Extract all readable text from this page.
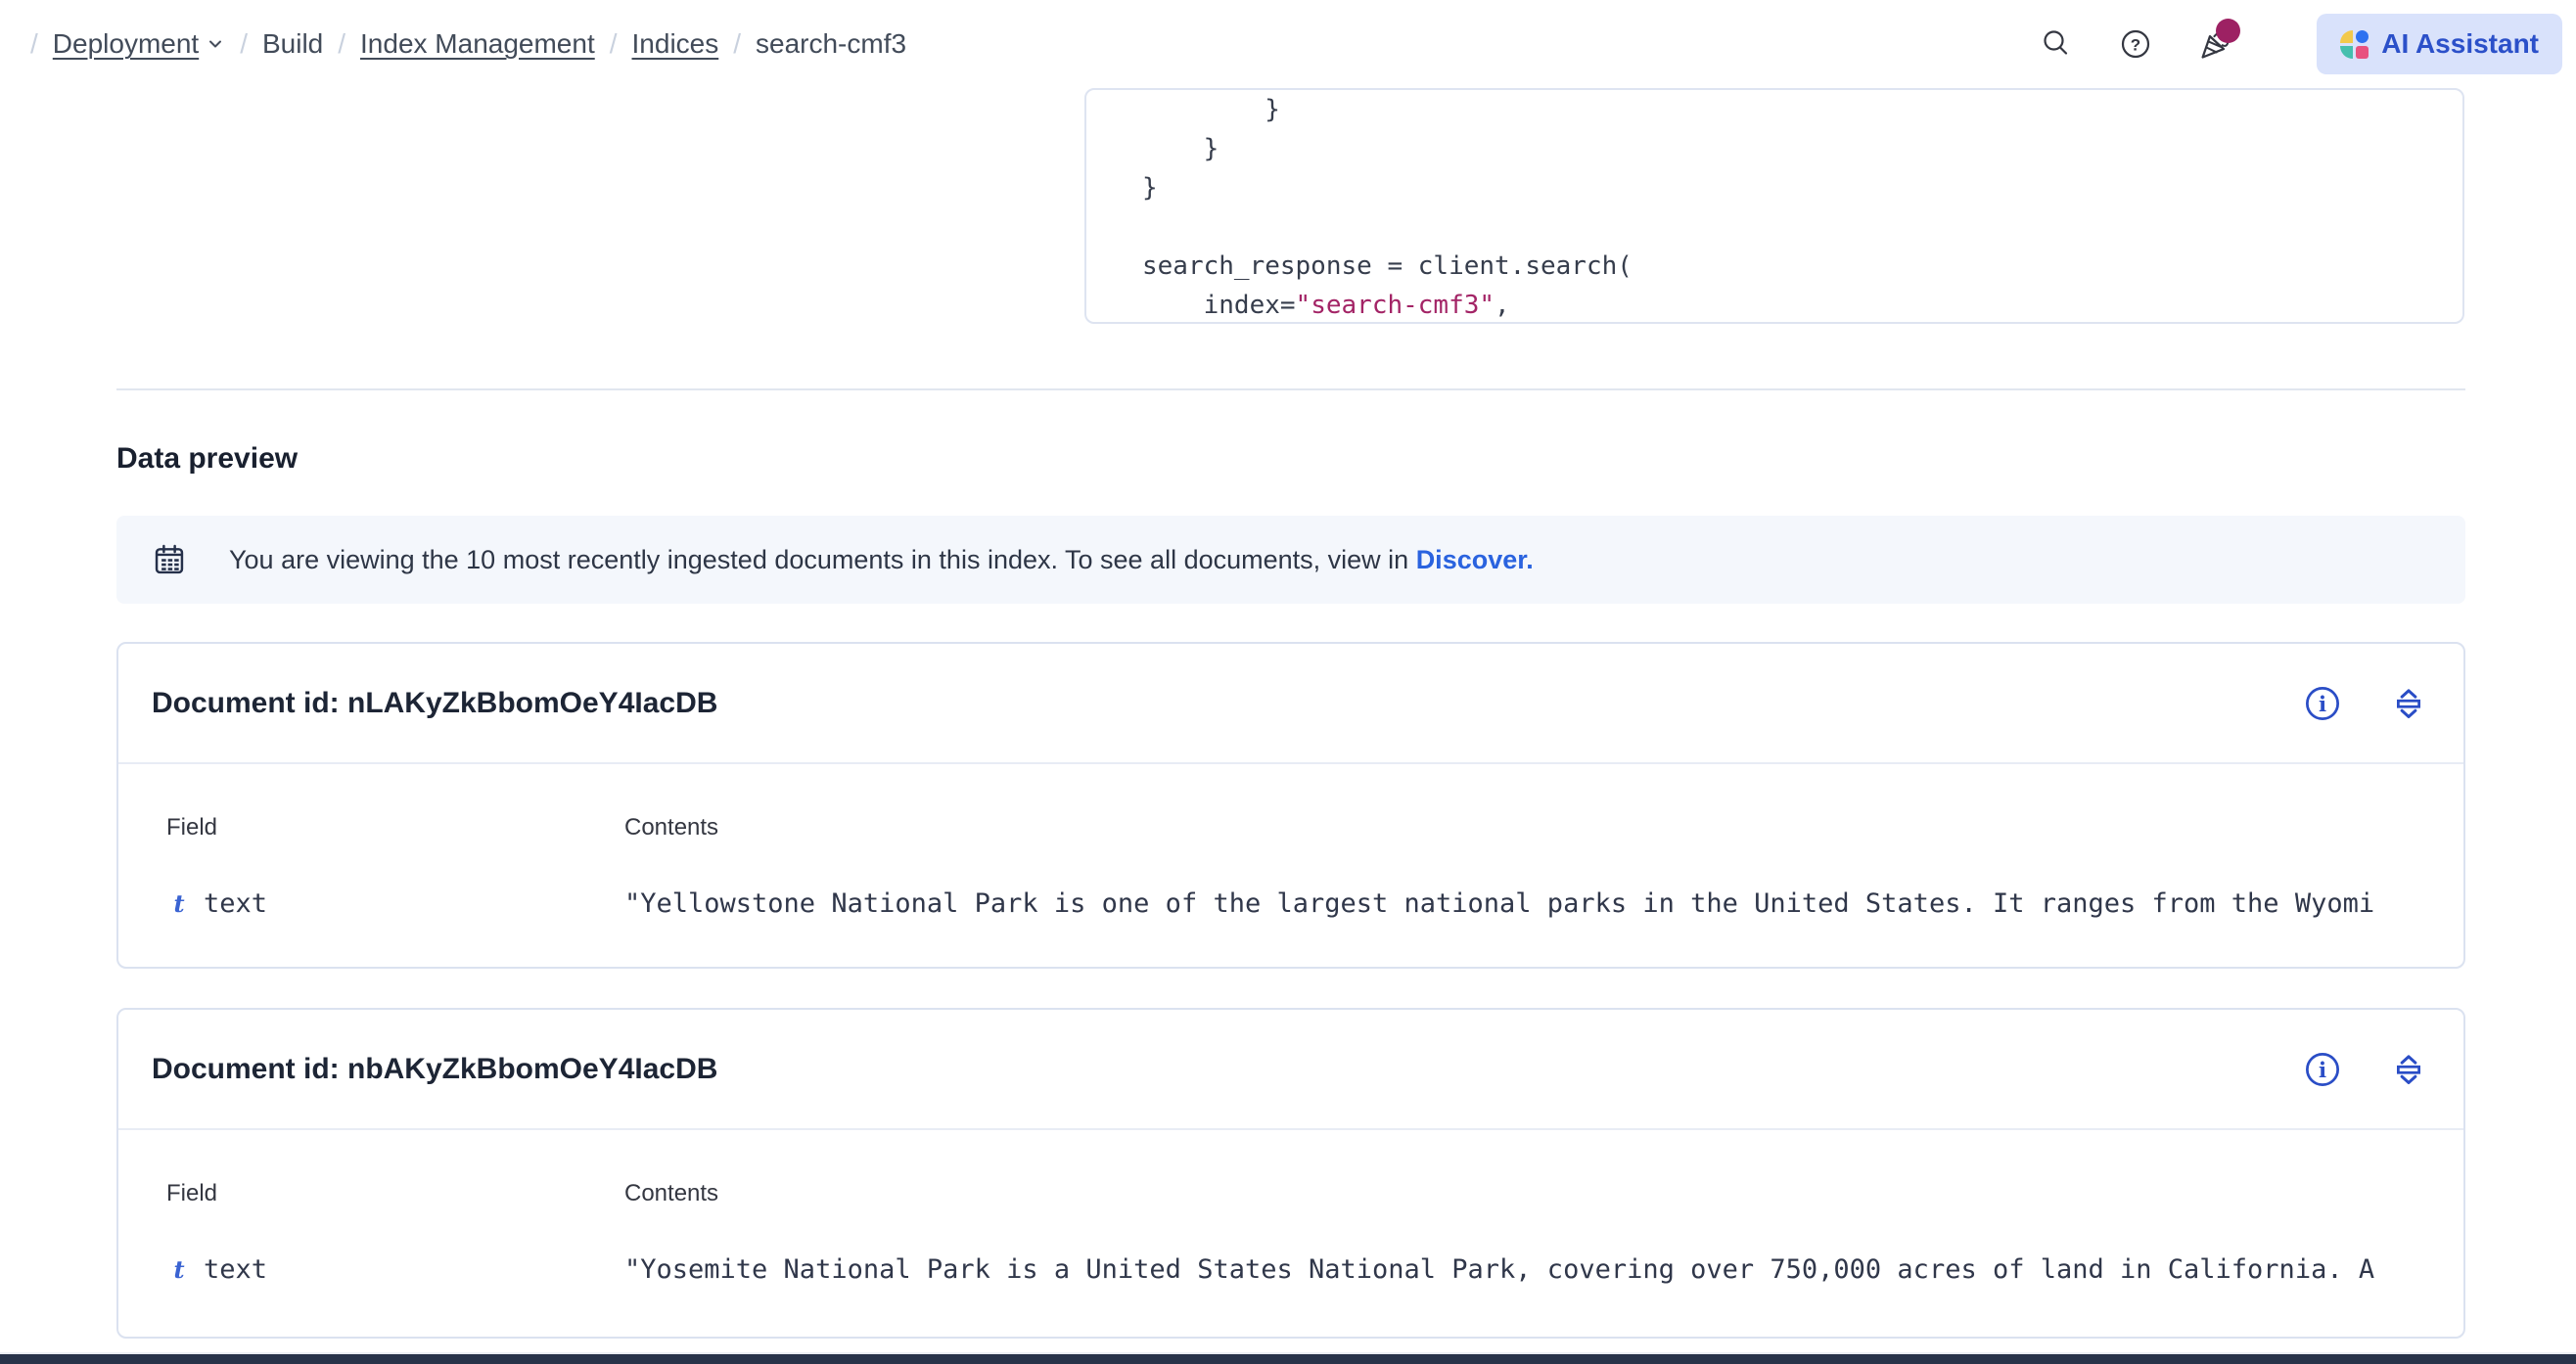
/ Deployment / Build / Index Management / Indices / search-cmf3	?	AI Assistant
}
}
}
search_response = client.search(
index="search-cmf3",
Data preview

You are viewing the 10 most recently ingested documents in this index. To see all documents, view in Discover.

Document id: nLAKyZkBbomOeY4IacDB	i
Field	Contents
t text	"Yellowstone National Park is one of the largest national parks in the United States. It ranges from the Wyomi
Document id: nbAKyZkBbomOeY4IacDB	i
Field	Contents
t text	"Yosemite National Park is a United States National Park, covering over 750,000 acres of land in California. A
